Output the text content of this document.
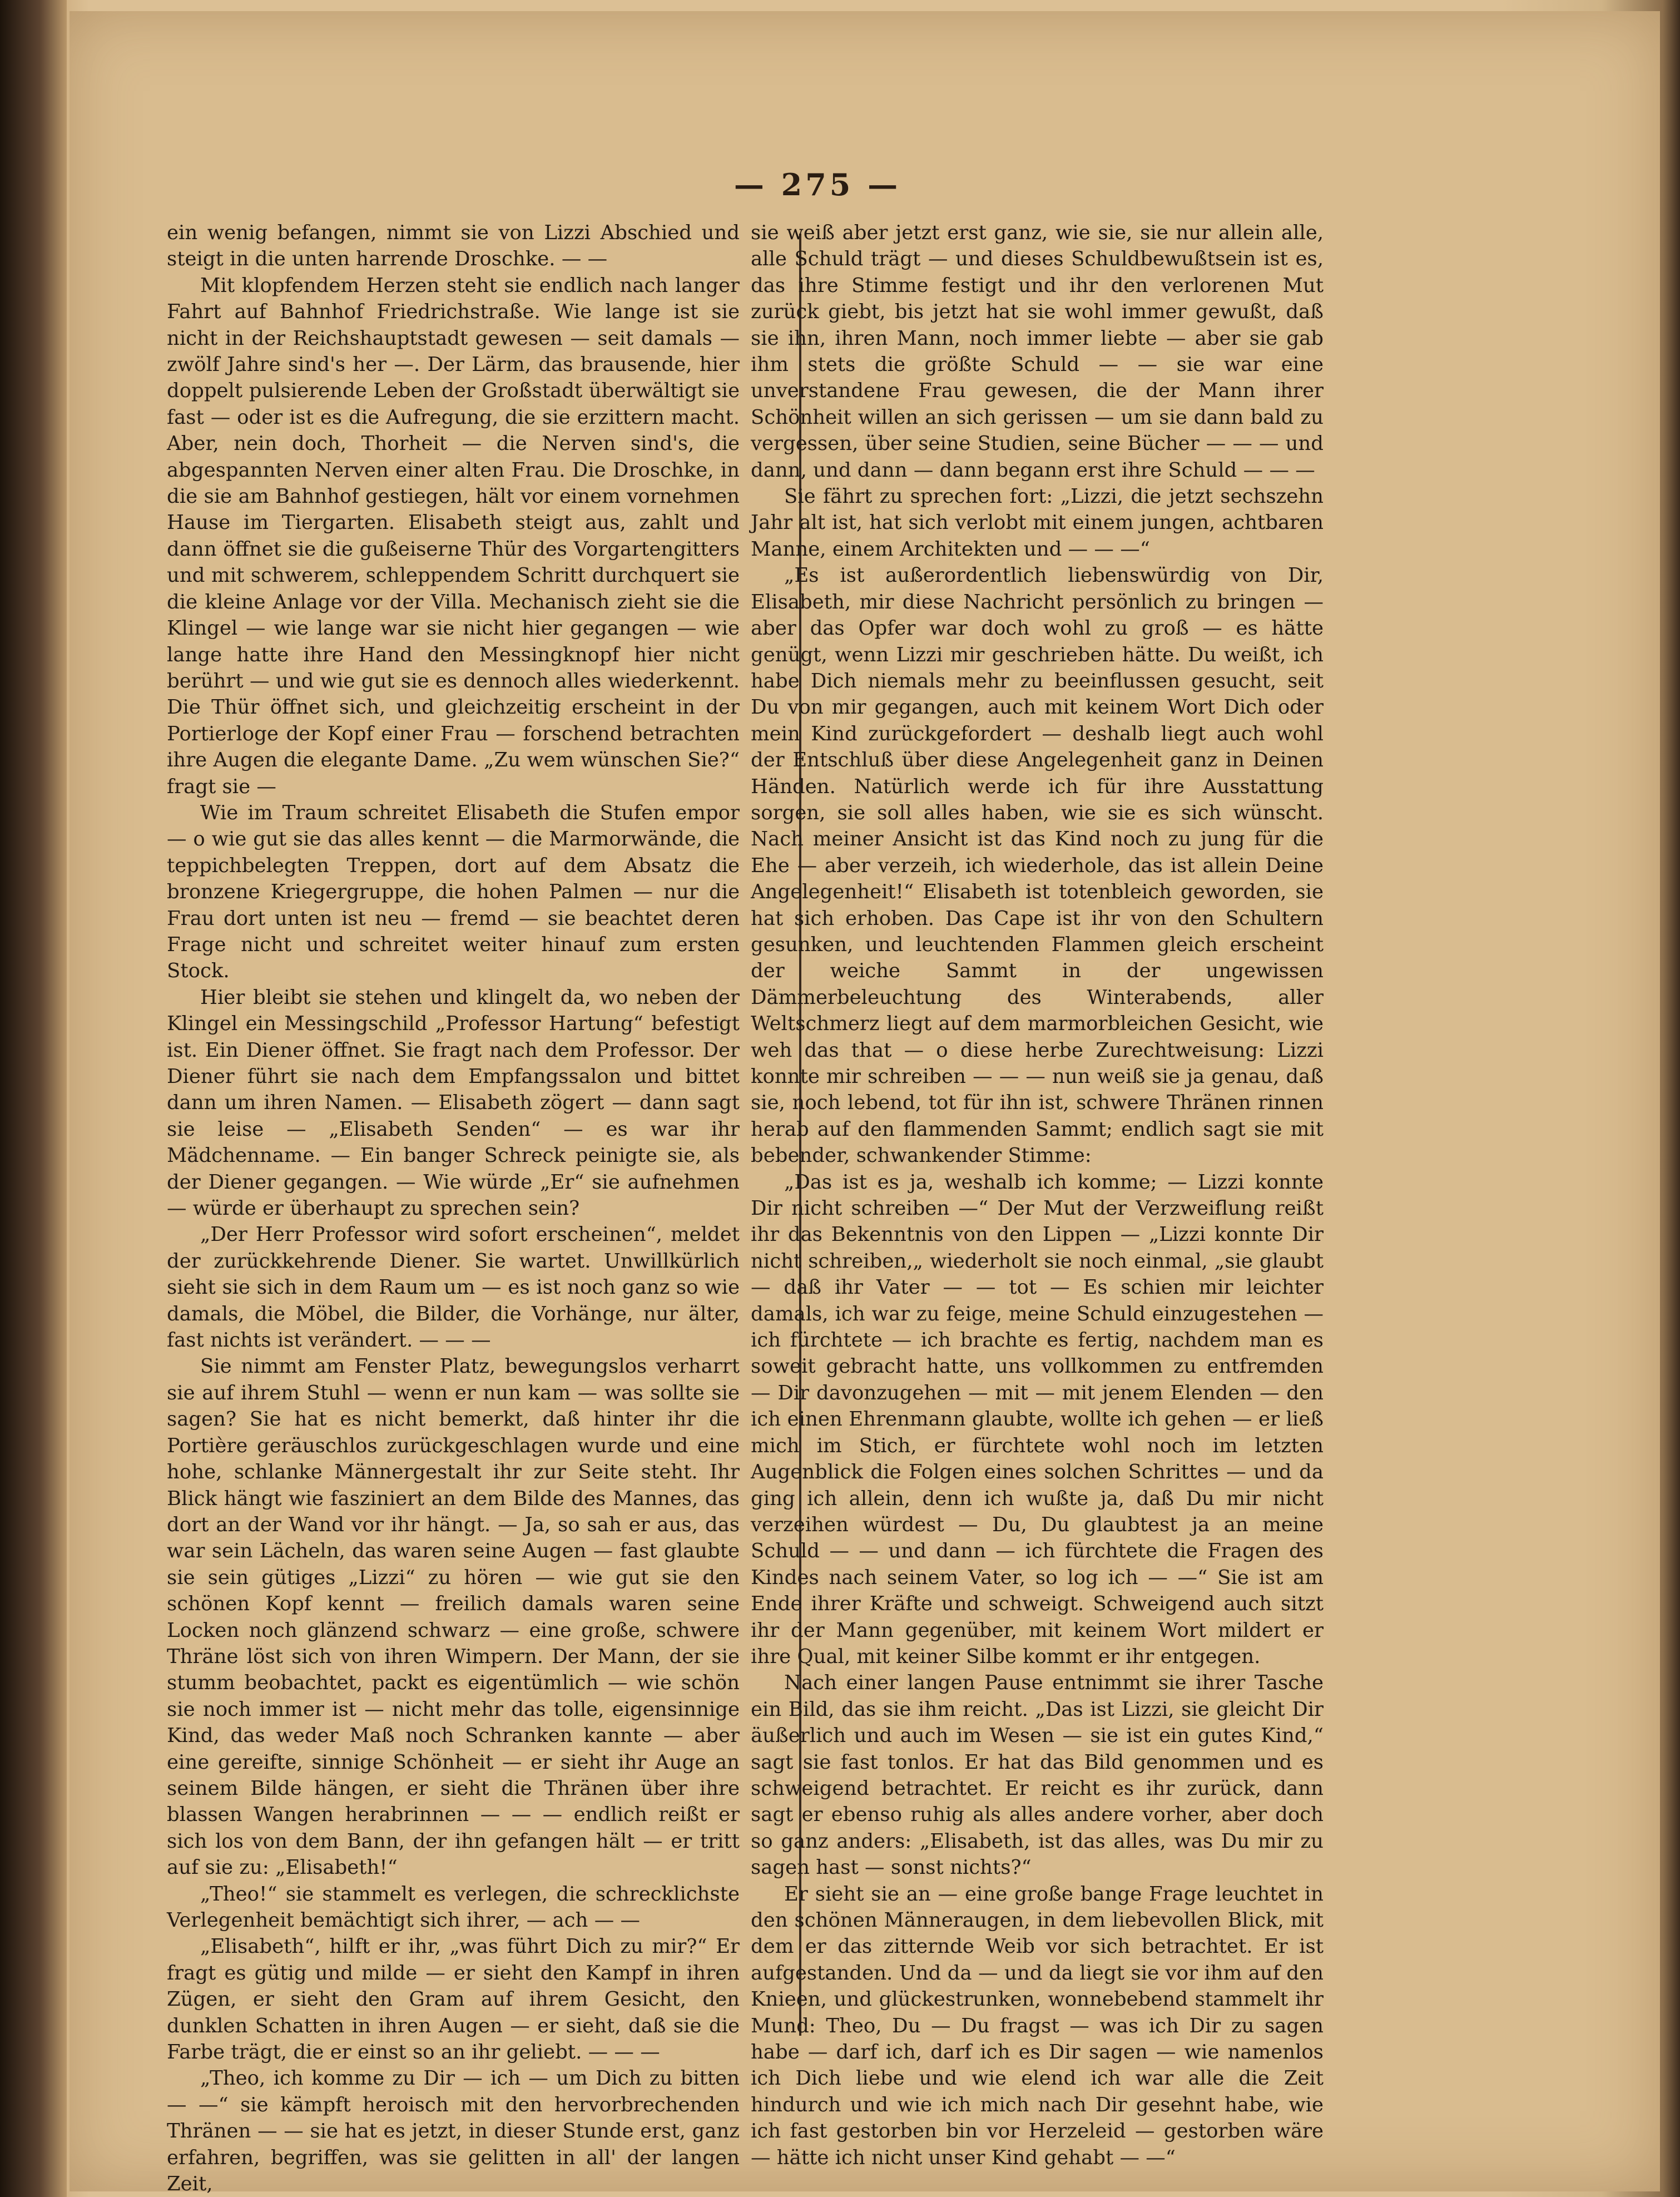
— 275 —

ein wenig befangen, nimmt sie von Lizzi Abschied und steigt in die unten harrende Droschke. — —

Mit klopfendem Herzen steht sie endlich nach langer Fahrt auf Bahnhof Friedrichstraße. Wie lange ist sie nicht in der Reichshauptstadt gewesen — seit damals — zwölf Jahre sind's her —. Der Lärm, das brausende, hier doppelt pulsierende Leben der Großstadt überwältigt sie fast — oder ist es die Aufregung, die sie erzittern macht. Aber, nein doch, Thorheit — die Nerven sind's, die abgespannten Nerven einer alten Frau. Die Droschke, in die sie am Bahnhof gestiegen, hält vor einem vornehmen Hause im Tiergarten. Elisabeth steigt aus, zahlt und dann öffnet sie die gußeiserne Thür des Vorgartengitters und mit schwerem, schleppendem Schritt durchquert sie die kleine Anlage vor der Villa. Mechanisch zieht sie die Klingel — wie lange war sie nicht hier gegangen — wie lange hatte ihre Hand den Messingknopf hier nicht berührt — und wie gut sie es dennoch alles wiederkennt. Die Thür öffnet sich, und gleichzeitig erscheint in der Portierloge der Kopf einer Frau — forschend betrachten ihre Augen die elegante Dame. „Zu wem wünschen Sie?“ fragt sie —

Wie im Traum schreitet Elisabeth die Stufen empor — o wie gut sie das alles kennt — die Marmorwände, die teppichbelegten Treppen, dort auf dem Absatz die bronzene Kriegergruppe, die hohen Palmen — nur die Frau dort unten ist neu — fremd — sie beachtet deren Frage nicht und schreitet weiter hinauf zum ersten Stock.

Hier bleibt sie stehen und klingelt da, wo neben der Klingel ein Messingschild „Professor Hartung“ befestigt ist. Ein Diener öffnet. Sie fragt nach dem Professor. Der Diener führt sie nach dem Empfangssalon und bittet dann um ihren Namen. — Elisabeth zögert — dann sagt sie leise — „Elisabeth Senden“ — es war ihr Mädchenname. — Ein banger Schreck peinigte sie, als der Diener gegangen. — Wie würde „Er“ sie aufnehmen — würde er überhaupt zu sprechen sein?

„Der Herr Professor wird sofort erscheinen“, meldet der zurückkehrende Diener. Sie wartet. Unwillkürlich sieht sie sich in dem Raum um — es ist noch ganz so wie damals, die Möbel, die Bilder, die Vorhänge, nur älter, fast nichts ist verändert. — — —

Sie nimmt am Fenster Platz, bewegungslos verharrt sie auf ihrem Stuhl — wenn er nun kam — was sollte sie sagen? Sie hat es nicht bemerkt, daß hinter ihr die Portière geräuschlos zurückgeschlagen wurde und eine hohe, schlanke Männergestalt ihr zur Seite steht. Ihr Blick hängt wie fasziniert an dem Bilde des Mannes, das dort an der Wand vor ihr hängt. — Ja, so sah er aus, das war sein Lächeln, das waren seine Augen — fast glaubte sie sein gütiges „Lizzi“ zu hören — wie gut sie den schönen Kopf kennt — freilich damals waren seine Locken noch glänzend schwarz — eine große, schwere Thräne löst sich von ihren Wimpern. Der Mann, der sie stumm beobachtet, packt es eigentümlich — wie schön sie noch immer ist — nicht mehr das tolle, eigensinnige Kind, das weder Maß noch Schranken kannte — aber eine gereifte, sinnige Schönheit — er sieht ihr Auge an seinem Bilde hängen, er sieht die Thränen über ihre blassen Wangen herabrinnen — — — endlich reißt er sich los von dem Bann, der ihn gefangen hält — er tritt auf sie zu: „Elisabeth!“

„Theo!“ sie stammelt es verlegen, die schrecklichste Verlegenheit bemächtigt sich ihrer, — ach — —

„Elisabeth“, hilft er ihr, „was führt Dich zu mir?“ Er fragt es gütig und milde — er sieht den Kampf in ihren Zügen, er sieht den Gram auf ihrem Gesicht, den dunklen Schatten in ihren Augen — er sieht, daß sie die Farbe trägt, die er einst so an ihr geliebt. — — —

„Theo, ich komme zu Dir — ich — um Dich zu bitten — —“ sie kämpft heroisch mit den hervorbrechenden Thränen — — sie hat es jetzt, in dieser Stunde erst, ganz erfahren, begriffen, was sie gelitten in all' der langen Zeit,

sie weiß aber jetzt erst ganz, wie sie, sie nur allein alle, alle Schuld trägt — und dieses Schuldbewußtsein ist es, das ihre Stimme festigt und ihr den verlorenen Mut zurück giebt, bis jetzt hat sie wohl immer gewußt, daß sie ihn, ihren Mann, noch immer liebte — aber sie gab ihm stets die größte Schuld — — sie war eine unverstandene Frau gewesen, die der Mann ihrer Schönheit willen an sich gerissen — um sie dann bald zu vergessen, über seine Studien, seine Bücher — — — und dann, und dann — dann begann erst ihre Schuld — — —

Sie fährt zu sprechen fort: „Lizzi, die jetzt sechszehn Jahr alt ist, hat sich verlobt mit einem jungen, achtbaren Manne, einem Architekten und — — —“

„Es ist außerordentlich liebenswürdig von Dir, Elisabeth, mir diese Nachricht persönlich zu bringen — aber das Opfer war doch wohl zu groß — es hätte genügt, wenn Lizzi mir geschrieben hätte. Du weißt, ich habe Dich niemals mehr zu beeinflussen gesucht, seit Du von mir gegangen, auch mit keinem Wort Dich oder mein Kind zurückgefordert — deshalb liegt auch wohl der Entschluß über diese Angelegenheit ganz in Deinen Händen. Natürlich werde ich für ihre Ausstattung sorgen, sie soll alles haben, wie sie es sich wünscht. Nach meiner Ansicht ist das Kind noch zu jung für die Ehe — aber verzeih, ich wiederhole, das ist allein Deine Angelegenheit!“ Elisabeth ist totenbleich geworden, sie hat sich erhoben. Das Cape ist ihr von den Schultern gesunken, und leuchtenden Flammen gleich erscheint der weiche Sammt in der ungewissen Dämmerbeleuchtung des Winterabends, aller Weltschmerz liegt auf dem marmorbleichen Gesicht, wie weh das that — o diese herbe Zurechtweisung: Lizzi konnte mir schreiben — — — nun weiß sie ja genau, daß sie, noch lebend, tot für ihn ist, schwere Thränen rinnen herab auf den flammenden Sammt; endlich sagt sie mit bebender, schwankender Stimme:

„Das ist es ja, weshalb ich komme; — Lizzi konnte Dir nicht schreiben —“ Der Mut der Verzweiflung reißt ihr das Bekenntnis von den Lippen — „Lizzi konnte Dir nicht schreiben,„ wiederholt sie noch einmal, „sie glaubt — daß ihr Vater — — tot — Es schien mir leichter damals, ich war zu feige, meine Schuld einzugestehen — ich fürchtete — ich brachte es fertig, nachdem man es soweit gebracht hatte, uns vollkommen zu entfremden — Dir davonzugehen — mit — mit jenem Elenden — den ich einen Ehrenmann glaubte, wollte ich gehen — er ließ mich im Stich, er fürchtete wohl noch im letzten Augenblick die Folgen eines solchen Schrittes — und da ging ich allein, denn ich wußte ja, daß Du mir nicht verzeihen würdest — Du, Du glaubtest ja an meine Schuld — — und dann — ich fürchtete die Fragen des Kindes nach seinem Vater, so log ich — —“ Sie ist am Ende ihrer Kräfte und schweigt. Schweigend auch sitzt ihr der Mann gegenüber, mit keinem Wort mildert er ihre Qual, mit keiner Silbe kommt er ihr entgegen.

Nach einer langen Pause entnimmt sie ihrer Tasche ein Bild, das sie ihm reicht. „Das ist Lizzi, sie gleicht Dir äußerlich und auch im Wesen — sie ist ein gutes Kind,“ sagt sie fast tonlos. Er hat das Bild genommen und es schweigend betrachtet. Er reicht es ihr zurück, dann sagt er ebenso ruhig als alles andere vorher, aber doch so ganz anders: „Elisabeth, ist das alles, was Du mir zu sagen hast — sonst nichts?“

Er sieht sie an — eine große bange Frage leuchtet in den schönen Männeraugen, in dem liebevollen Blick, mit dem er das zitternde Weib vor sich betrachtet. Er ist aufgestanden. Und da — und da liegt sie vor ihm auf den Knieen, und glückestrunken, wonnebebend stammelt ihr Mund: Theo, Du — Du fragst — was ich Dir zu sagen habe — darf ich, darf ich es Dir sagen — wie namenlos ich Dich liebe und wie elend ich war alle die Zeit hindurch und wie ich mich nach Dir gesehnt habe, wie ich fast gestorben bin vor Herzeleid — gestorben wäre — hätte ich nicht unser Kind gehabt — —“
